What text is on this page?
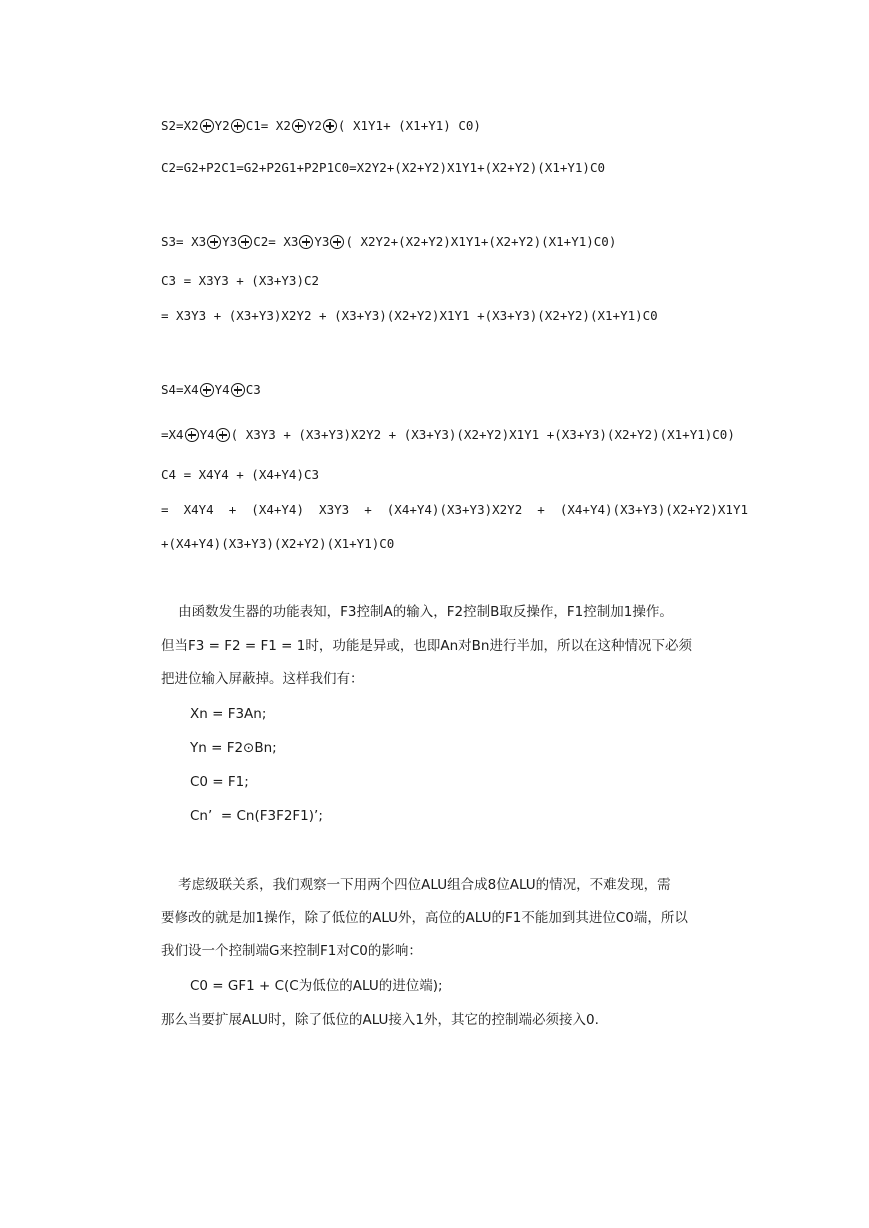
S2=X2 Y2 C1= X2 Y2 ( X1Y1+ (X1+Y1) C0)
C2=G2+P2C1=G2+P2G1+P2P1C0=X2Y2+(X2+Y2)X1Y1+(X2+Y2)(X1+Y1)C0
S3= X3 Y3 C2= X3 Y3 ( X2Y2+(X2+Y2)X1Y1+(X2+Y2)(X1+Y1)C0)
C3 = X3Y3 + (X3+Y3)C2
= X3Y3 + (X3+Y3)X2Y2 + (X3+Y3)(X2+Y2)X1Y1 +(X3+Y3)(X2+Y2)(X1+Y1)C0
S4=X4 Y4 C3
=X4 Y4 ( X3Y3 + (X3+Y3)X2Y2 + (X3+Y3)(X2+Y2)X1Y1 +(X3+Y3)(X2+Y2)(X1+Y1)C0)
C4 = X4Y4 + (X4+Y4)C3
=  X4Y4  +  (X4+Y4)  X3Y3  +  (X4+Y4)(X3+Y3)X2Y2  +  (X4+Y4)(X3+Y3)(X2+Y2)X1Y1
+(X4+Y4)(X3+Y3)(X2+Y2)(X1+Y1)C0
由函数发生器的功能表知，F3控制A的输入，F2控制B取反操作，F1控制加1操作。
但当F3 = F2 = F1 = 1时，功能是异或，也即An对Bn进行半加，所以在这种情况下必须
把进位输入屏蔽掉。这样我们有：
Xn = F3An;
Yn = F2⊙Bn;
C0 = F1;
Cn’  = Cn(F3F2F1)’;
考虑级联关系，我们观察一下用两个四位ALU组合成8位ALU的情况，不难发现，需
要修改的就是加1操作，除了低位的ALU外，高位的ALU的F1不能加到其进位C0端，所以
我们设一个控制端G来控制F1对C0的影响：
C0 = GF1 + C(C为低位的ALU的进位端);
那么当要扩展ALU时，除了低位的ALU接入1外，其它的控制端必须接入0.
